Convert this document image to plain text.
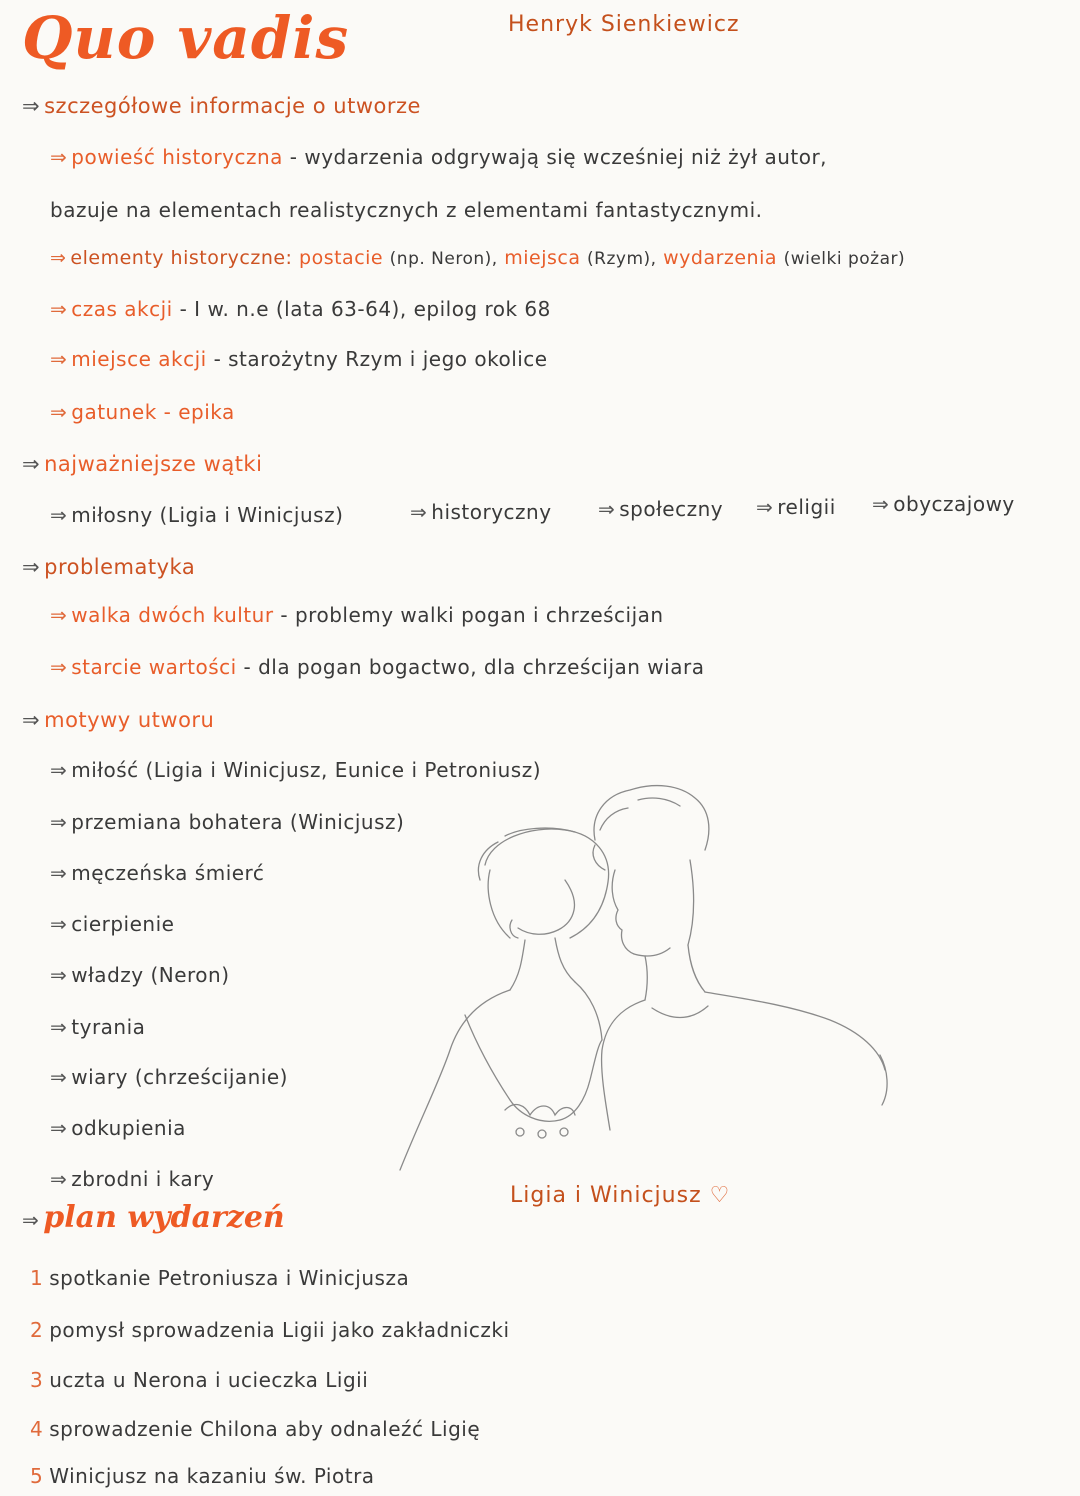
Quo vadis	Henryk Sienkiewicz
⇒ szczegółowe informacje o utworze
⇒ powieść historyczna - wydarzenia odgrywają się wcześniej niż żył autor,
bazuje na elementach realistycznych z elementami fantastycznymi.
⇒ elementy historyczne: postacie (np. Neron), miejsca (Rzym), wydarzenia (wielki pożar)
⇒ czas akcji - I w. n.e (lata 63-64), epilog rok 68
⇒ miejsce akcji - starożytny Rzym i jego okolice
⇒ gatunek - epika
⇒ najważniejsze wątki
⇒ miłosny (Ligia i Winicjusz)	⇒ historyczny ⇒ społeczny ⇒ religii ⇒ obyczajowy
⇒ problematyka
⇒ walka dwóch kultur - problemy walki pogan i chrześcijan
⇒ starcie wartości - dla pogan bogactwo, dla chrześcijan wiara
⇒ motywy utworu
⇒ miłość (Ligia i Winicjusz, Eunice i Petroniusz)
⇒ przemiana bohatera (Winicjusz)
⇒ męczeńska śmierć
⇒ cierpienie
⇒ władzy (Neron)
⇒ tyrania
⇒ wiary (chrześcijanie)
⇒ odkupienia
⇒ zbrodni i kary
Ligia i Winicjusz ♡
⇒ plan wydarzeń
1 spotkanie Petroniusza i Winicjusza
2 pomysł sprowadzenia Ligii jako zakładniczki
3 uczta u Nerona i ucieczka Ligii
4 sprowadzenie Chilona aby odnaleźć Ligię
5 Winicjusz na kazaniu św. Piotra
